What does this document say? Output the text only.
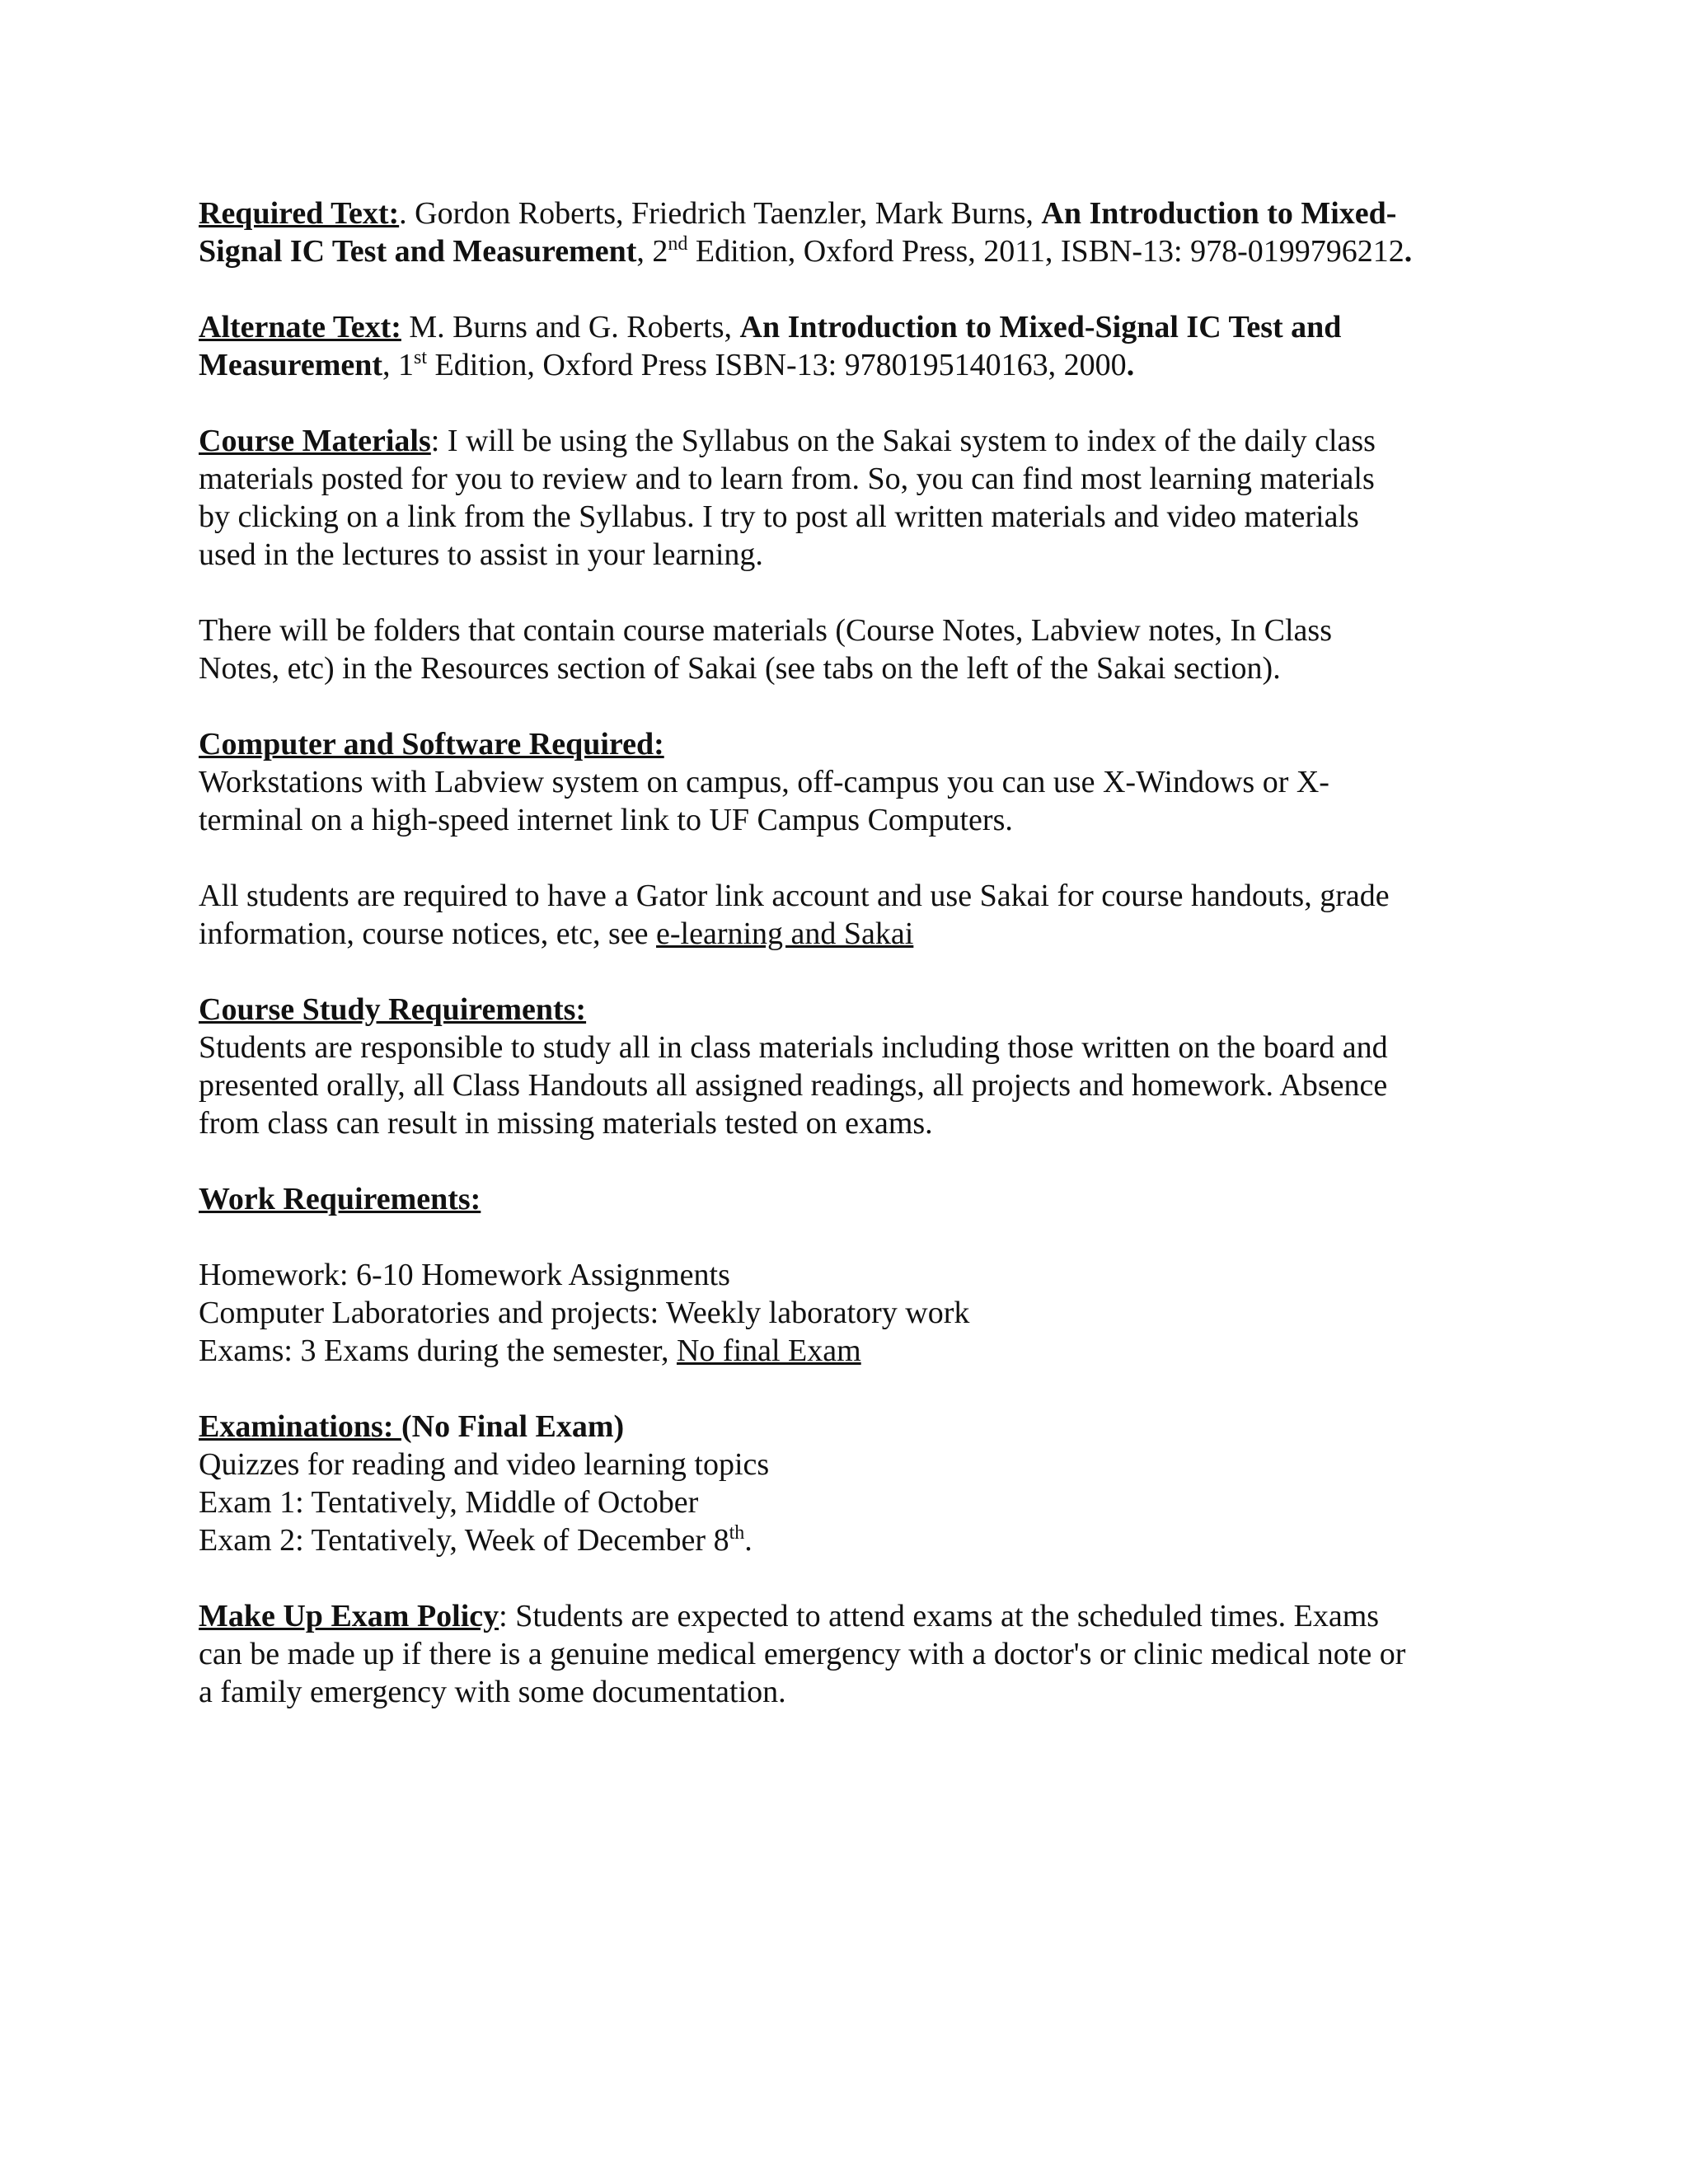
Required Text:. Gordon Roberts, Friedrich Taenzler, Mark Burns, An Introduction to Mixed-
Signal IC Test and Measurement, 2nd Edition, Oxford Press, 2011, ISBN-13: 978-0199796212.
Alternate Text: M. Burns and G. Roberts, An Introduction to Mixed-Signal IC Test and
Measurement, 1st Edition, Oxford Press ISBN-13: 9780195140163, 2000.
Course Materials: I will be using the Syllabus on the Sakai system to index of the daily class
materials posted for you to review and to learn from. So, you can find most learning materials
by clicking on a link from the Syllabus. I try to post all written materials and video materials
used in the lectures to assist in your learning.
There will be folders that contain course materials (Course Notes, Labview notes, In Class
Notes, etc) in the Resources section of Sakai (see tabs on the left of the Sakai section).
Computer and Software Required:
Workstations with Labview system on campus, off-campus you can use X-Windows or X-
terminal on a high-speed internet link to UF Campus Computers.
All students are required to have a Gator link account and use Sakai for course handouts, grade
information, course notices, etc, see e-learning and Sakai
Course Study Requirements:
Students are responsible to study all in class materials including those written on the board and
presented orally, all Class Handouts all assigned readings, all projects and homework. Absence
from class can result in missing materials tested on exams.
Work Requirements:
Homework: 6-10 Homework Assignments
Computer Laboratories and projects: Weekly laboratory work
Exams: 3 Exams during the semester, No final Exam
Examinations: (No Final Exam)
Quizzes for reading and video learning topics
Exam 1: Tentatively, Middle of October
Exam 2: Tentatively, Week of December 8th.
Make Up Exam Policy: Students are expected to attend exams at the scheduled times. Exams
can be made up if there is a genuine medical emergency with a doctor's or clinic medical note or
a family emergency with some documentation.
